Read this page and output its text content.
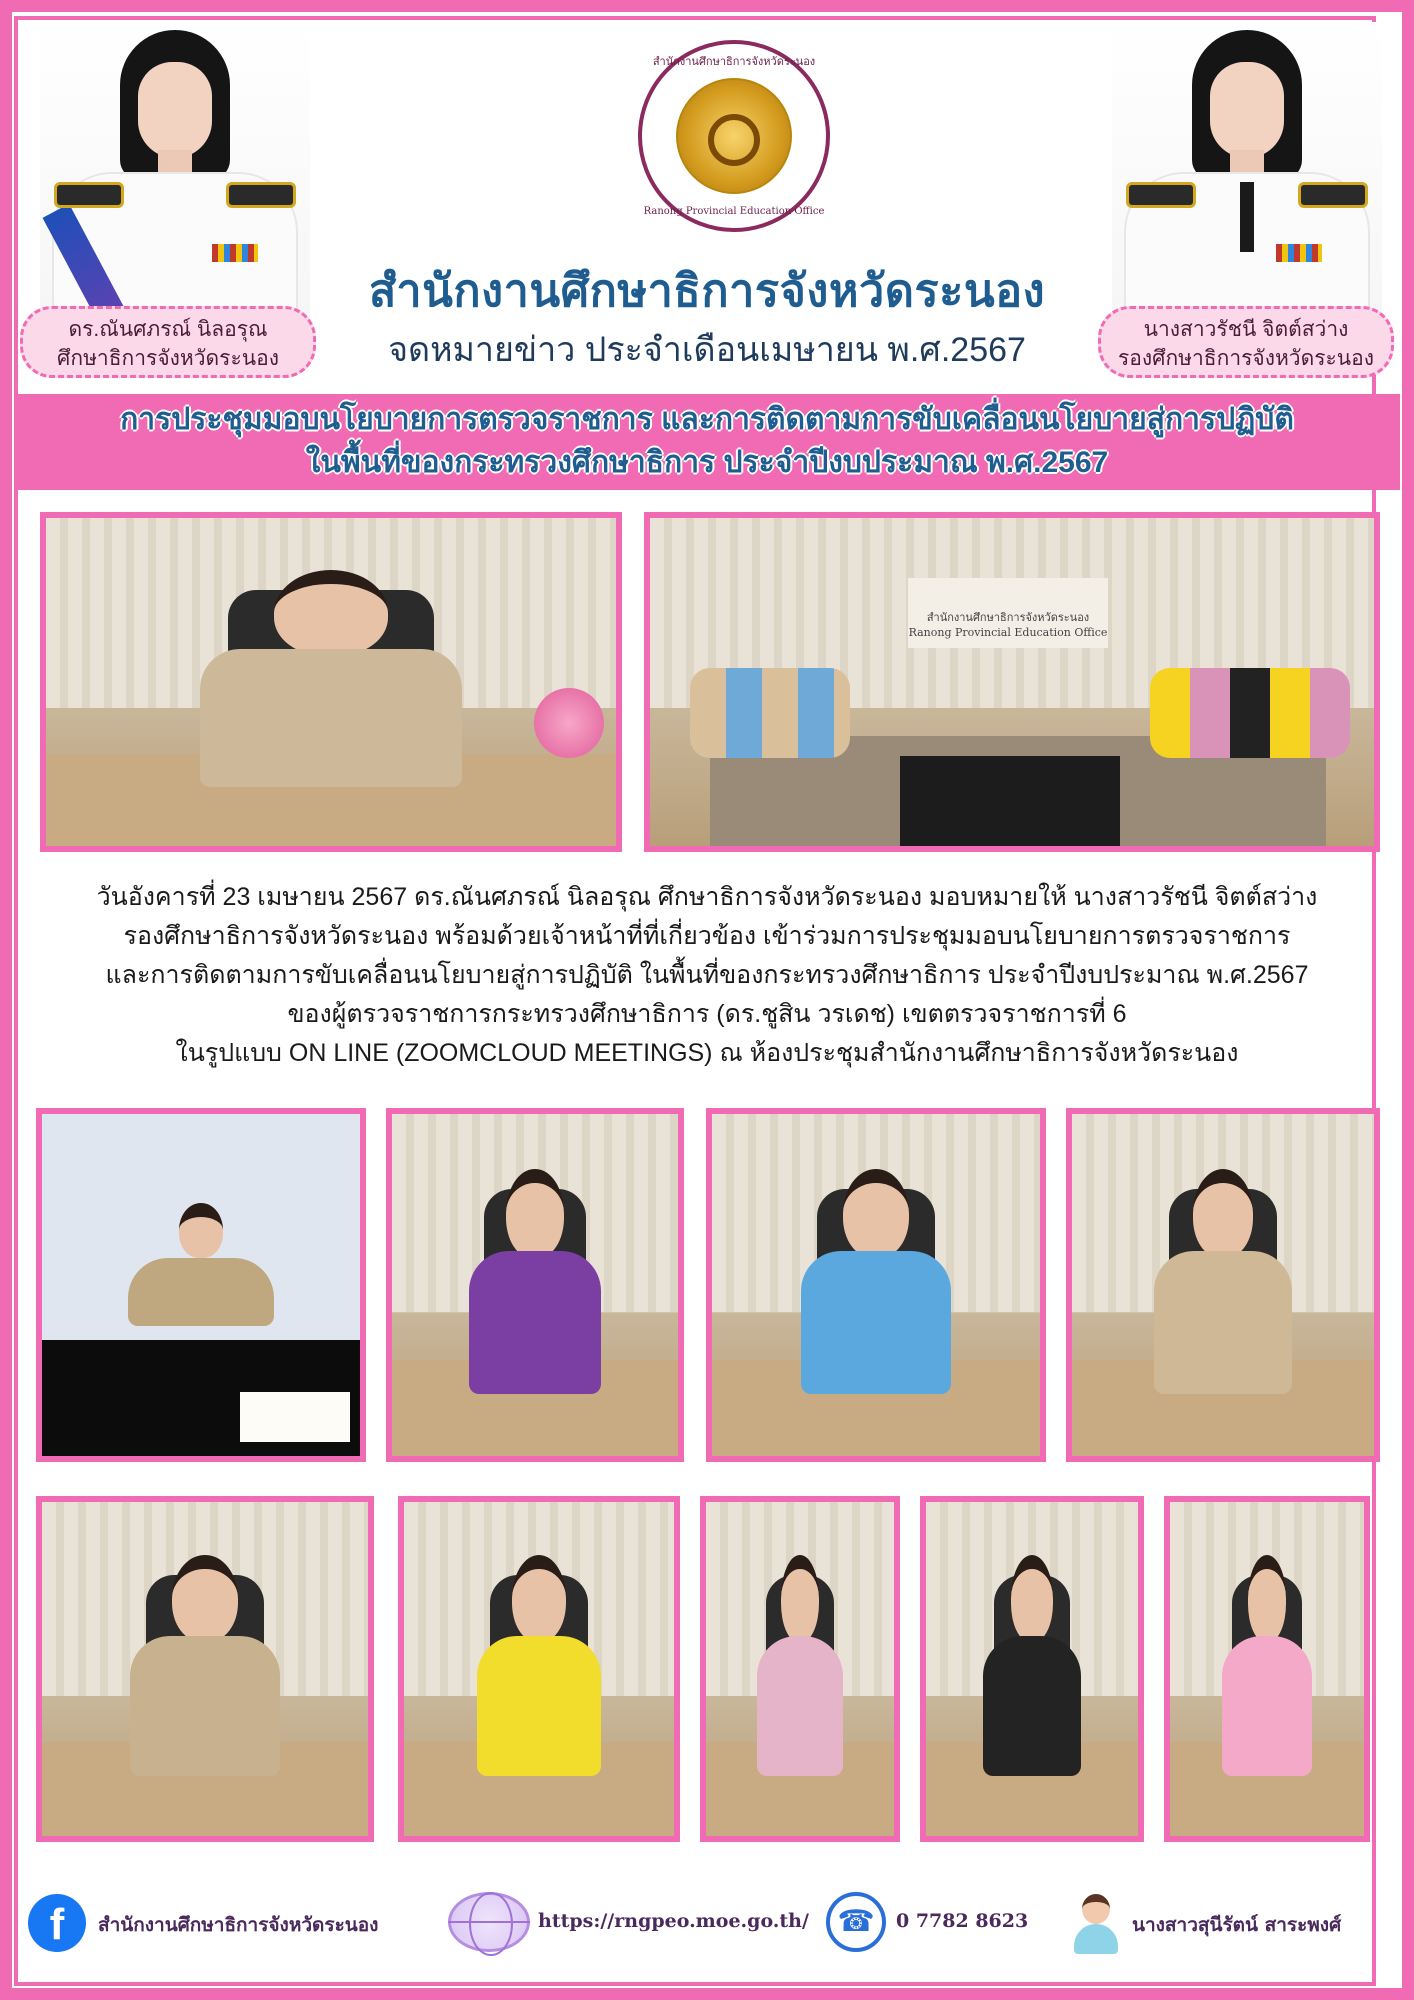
ดร.ณันศภรณ์ นิลอรุณ
ศึกษาธิการจังหวัดระนอง
สำนักงานศึกษาธิการจังหวัดระนอง
Ranong Provincial Education Office
สำนักงานศึกษาธิการจังหวัดระนอง
จดหมายข่าว ประจำเดือนเมษายน พ.ศ.2567
นางสาวรัชนี จิตต์สว่าง
รองศึกษาธิการจังหวัดระนอง
การประชุมมอบนโยบายการตรวจราชการ และการติดตามการขับเคลื่อนนโยบายสู่การปฏิบัติ
ในพื้นที่ของกระทรวงศึกษาธิการ ประจำปีงบประมาณ พ.ศ.2567
สำนักงานศึกษาธิการจังหวัดระนอง
Ranong Provincial Education Office
วันอังคารที่ 23 เมษายน 2567 ดร.ณันศภรณ์ นิลอรุณ ศึกษาธิการจังหวัดระนอง มอบหมายให้ นางสาวรัชนี จิตต์สว่าง
รองศึกษาธิการจังหวัดระนอง พร้อมด้วยเจ้าหน้าที่ที่เกี่ยวข้อง เข้าร่วมการประชุมมอบนโยบายการตรวจราชการ
และการติดตามการขับเคลื่อนนโยบายสู่การปฏิบัติ ในพื้นที่ของกระทรวงศึกษาธิการ ประจำปีงบประมาณ พ.ศ.2567
ของผู้ตรวจราชการกระทรวงศึกษาธิการ (ดร.ชูสิน วรเดช) เขตตรวจราชการที่ 6
ในรูปแบบ ON LINE (ZOOMCLOUD MEETINGS) ณ ห้องประชุมสำนักงานศึกษาธิการจังหวัดระนอง
f	สำนักงานศึกษาธิการจังหวัดระนอง	https://rngpeo.moe.go.th/ ☎	0 7782 8623	นางสาวสุนีรัตน์ สาระพงศ์
